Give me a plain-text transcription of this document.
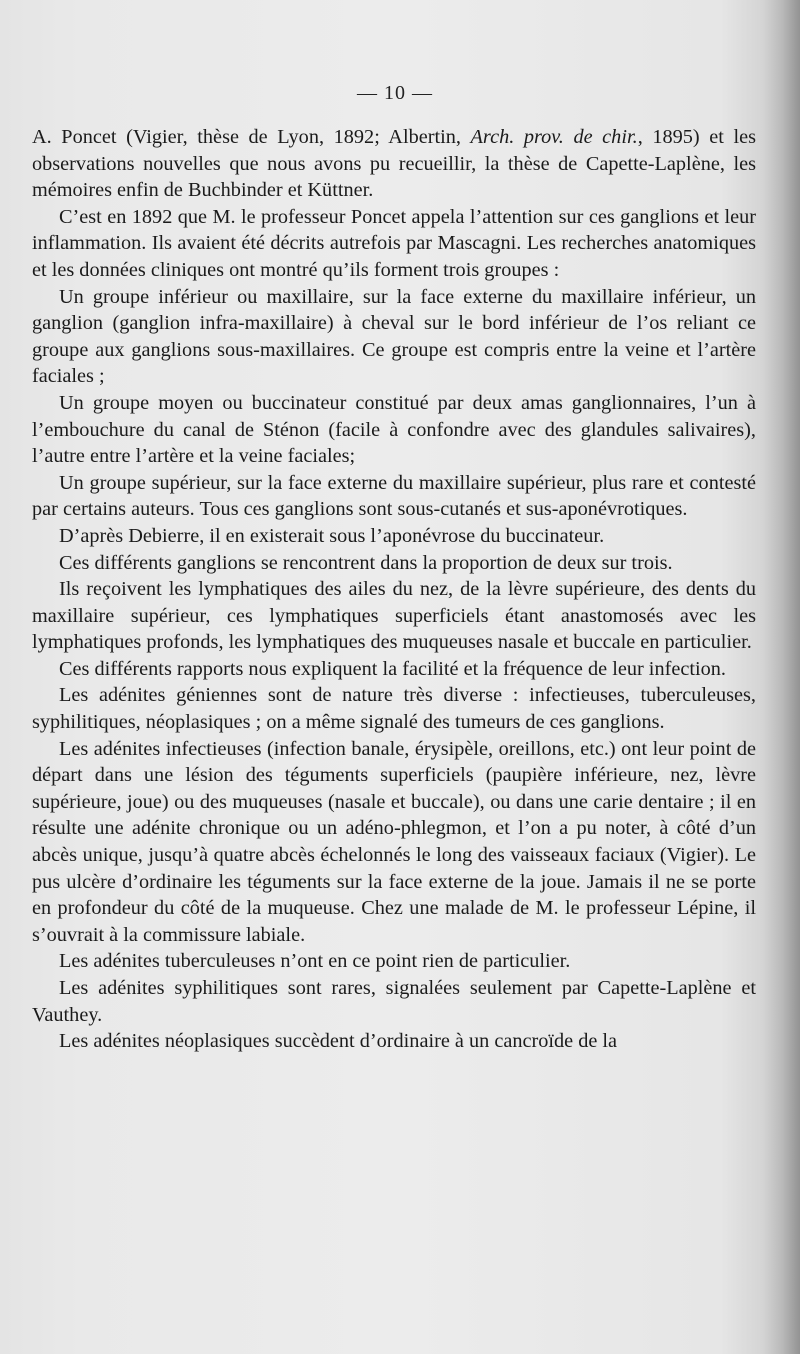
— 10 —

A. Poncet (Vigier, thèse de Lyon, 1892; Albertin, Arch. prov. de chir., 1895) et les observations nouvelles que nous avons pu recueillir, la thèse de Capette-Laplène, les mémoires enfin de Buchbinder et Küttner.

C’est en 1892 que M. le professeur Poncet appela l’attention sur ces ganglions et leur inflammation. Ils avaient été décrits autrefois par Mascagni. Les recherches anatomiques et les données cliniques ont montré qu’ils forment trois groupes :

Un groupe inférieur ou maxillaire, sur la face externe du maxillaire inférieur, un ganglion (ganglion infra-maxillaire) à cheval sur le bord inférieur de l’os reliant ce groupe aux ganglions sous-maxillaires. Ce groupe est compris entre la veine et l’artère faciales ;

Un groupe moyen ou buccinateur constitué par deux amas ganglionnaires, l’un à l’embouchure du canal de Sténon (facile à confondre avec des glandules salivaires), l’autre entre l’artère et la veine faciales;

Un groupe supérieur, sur la face externe du maxillaire supérieur, plus rare et contesté par certains auteurs. Tous ces ganglions sont sous-cutanés et sus-aponévrotiques.

D’après Debierre, il en existerait sous l’aponévrose du buccinateur.

Ces différents ganglions se rencontrent dans la proportion de deux sur trois.

Ils reçoivent les lymphatiques des ailes du nez, de la lèvre supérieure, des dents du maxillaire supérieur, ces lymphatiques superficiels étant anastomosés avec les lymphatiques profonds, les lymphatiques des muqueuses nasale et buccale en particulier.

Ces différents rapports nous expliquent la facilité et la fréquence de leur infection.

Les adénites géniennes sont de nature très diverse : infectieuses, tuberculeuses, syphilitiques, néoplasiques ; on a même signalé des tumeurs de ces ganglions.

Les adénites infectieuses (infection banale, érysipèle, oreillons, etc.) ont leur point de départ dans une lésion des téguments superficiels (paupière inférieure, nez, lèvre supérieure, joue) ou des muqueuses (nasale et buccale), ou dans une carie dentaire ; il en résulte une adénite chronique ou un adéno-phlegmon, et l’on a pu noter, à côté d’un abcès unique, jusqu’à quatre abcès échelonnés le long des vaisseaux faciaux (Vigier). Le pus ulcère d’ordinaire les téguments sur la face externe de la joue. Jamais il ne se porte en profondeur du côté de la muqueuse. Chez une malade de M. le professeur Lépine, il s’ouvrait à la commissure labiale.

Les adénites tuberculeuses n’ont en ce point rien de particulier.

Les adénites syphilitiques sont rares, signalées seulement par Capette-Laplène et Vauthey.

Les adénites néoplasiques succèdent d’ordinaire à un cancroïde de la
